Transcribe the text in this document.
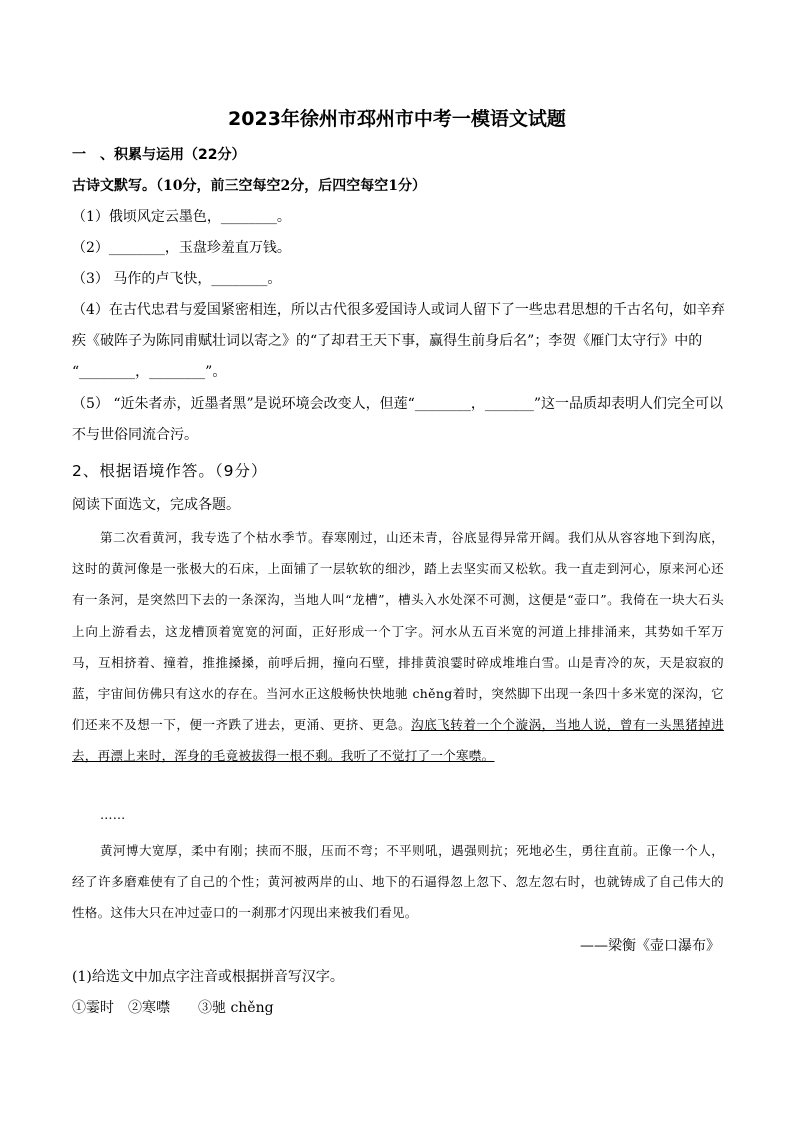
2023年徐州市邳州市中考一模语文试题
一　、积累与运用（22分）
古诗文默写。（10分，前三空每空2分，后四空每空1分）
（1）俄顷风定云墨色，________。
（2）________，玉盘珍羞直万钱。
（3） 马作的卢飞快，________。
（4）在古代忠君与爱国紧密相连，所以古代很多爱国诗人或词人留下了一些忠君思想的千古名句，如辛弃
疾《破阵子为陈同甫赋壮词以寄之》的“了却君王天下事，赢得生前身后名”；李贺《雁门太守行》中的
“________，________”。
（5） “近朱者赤，近墨者黑”是说环境会改变人，但莲“________，_______”这一品质却表明人们完全可以
不与世俗同流合污。
2、根据语境作答。（9分）
阅读下面选文，完成各题。

第二次看黄河，我专选了个枯水季节。春寒刚过，山还未青，谷底显得异常开阔。我们从从容容地下到沟底，这时的黄河像是一张极大的石床，上面铺了一层软软的细沙，踏上去坚实而又松软。我一直走到河心，原来河心还有一条河，是突然凹下去的一条深沟，当地人叫“龙槽”，槽头入水处深不可测，这便是“壶口”。我倚在一块大石头上向上游看去，这龙槽顶着宽宽的河面，正好形成一个丁字。河水从五百米宽的河道上排排涌来，其势如千军万马，互相挤着、撞着，推推搡搡，前呼后拥，撞向石壁，排排黄浪霎时碎成堆堆白雪。山是青冷的灰，天是寂寂的蓝，宇宙间仿佛只有这水的存在。当河水正这般畅快快地驰 chěng着时，突然脚下出现一条四十多米宽的深沟，它们还来不及想一下，便一齐跌了进去，更涌、更挤、更急。沟底飞转着一个个漩涡，当地人说，曾有一头黑猪掉进去，再漂上来时，浑身的毛竟被拔得一根不剩。我听了不觉打了一个寒噤。

……

黄河博大宽厚，柔中有刚；挟而不服，压而不弯；不平则吼，遇强则抗；死地必生，勇往直前。正像一个人，经了许多磨难使有了自己的个性；黄河被两岸的山、地下的石逼得忽上忽下、忽左忽右时，也就铸成了自己伟大的性格。这伟大只在冲过壶口的一刹那才闪现出来被我们看见。

——梁衡《壶口瀑布》
(1)给选文中加点字注音或根据拼音写汉字。
①霎时　②寒噤　　③驰 chěng
